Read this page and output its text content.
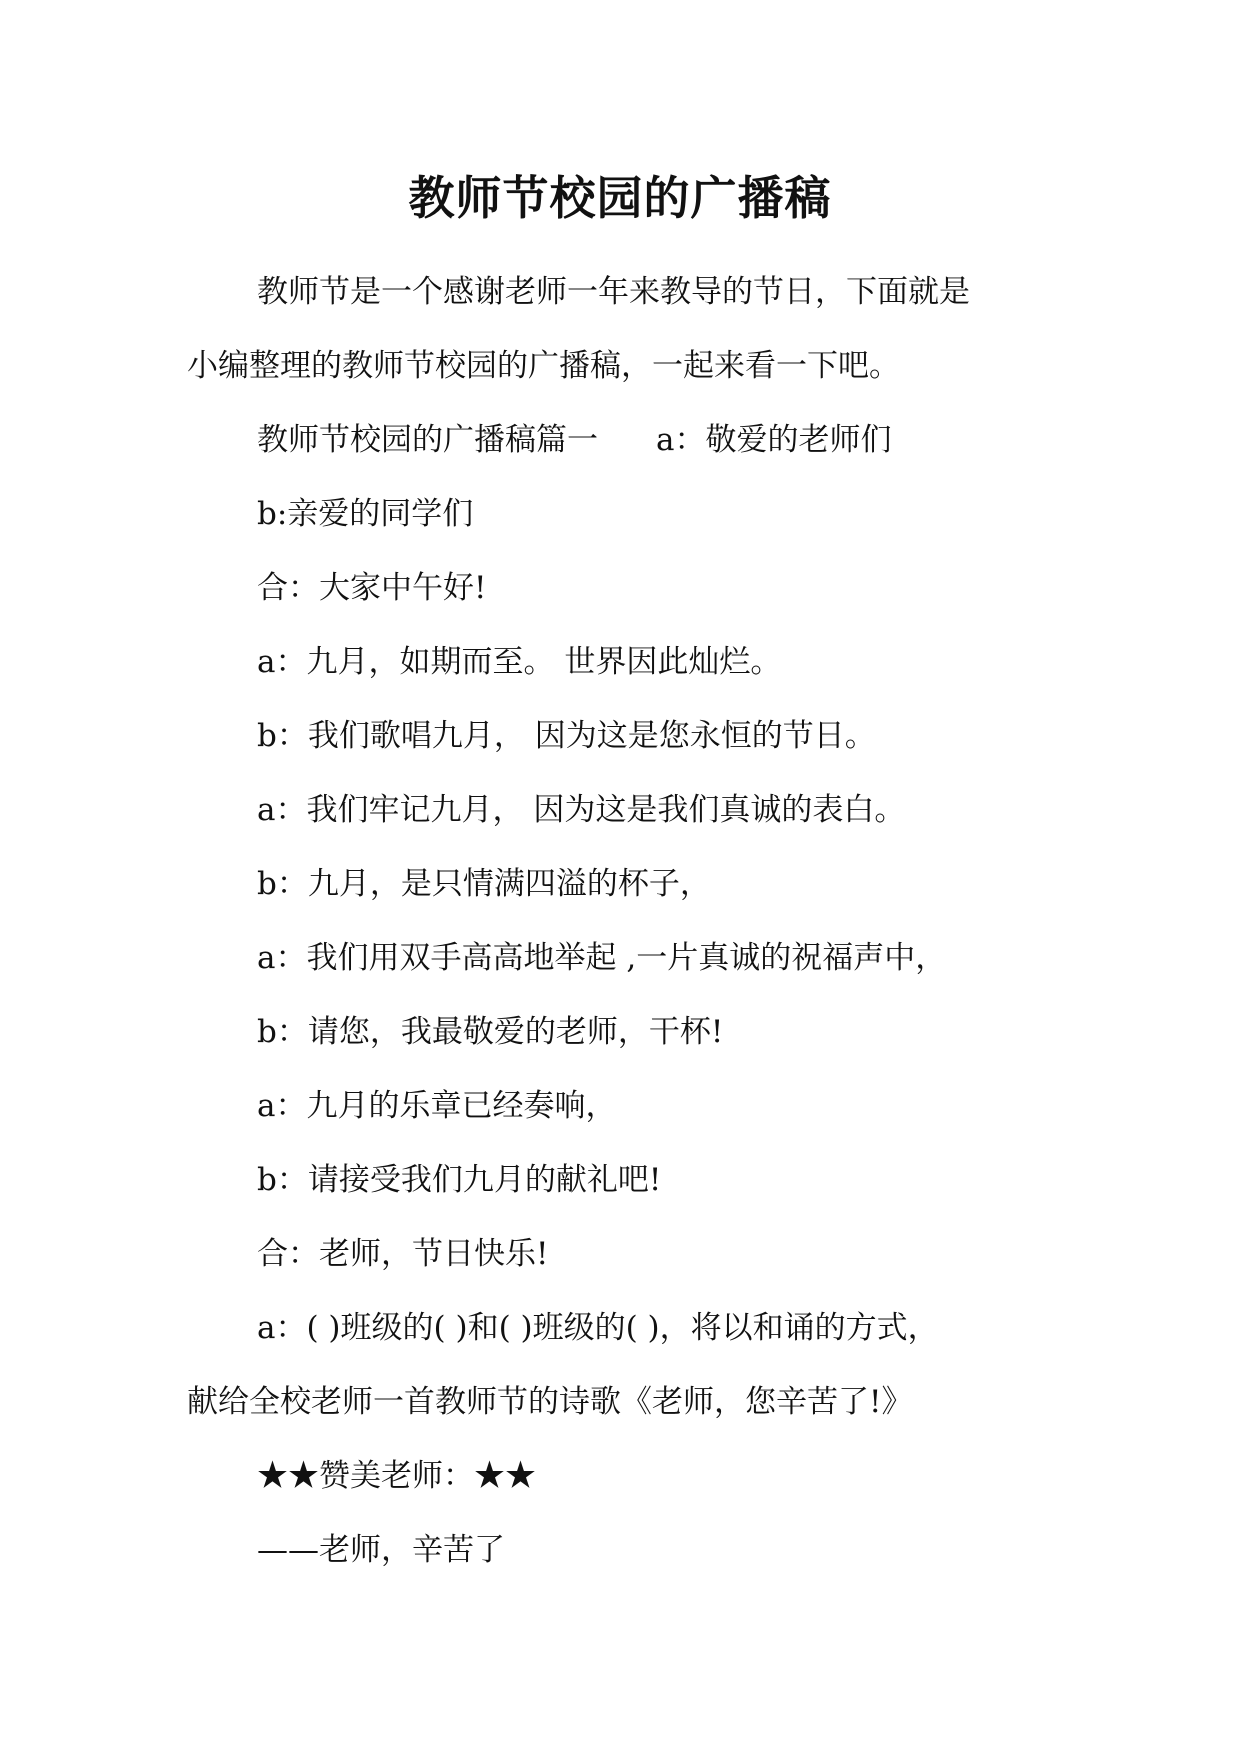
教师节校园的广播稿
教师节是一个感谢老师一年来教导的节日，下面就是
小编整理的教师节校园的广播稿，一起来看一下吧。
教师节校园的广播稿篇一 a：敬爱的老师们
b:亲爱的同学们
合：大家中午好!
a：九月，如期而至。 世界因此灿烂。
b：我们歌唱九月， 因为这是您永恒的节日。
a：我们牢记九月， 因为这是我们真诚的表白。
b：九月，是只情满四溢的杯子，
a：我们用双手高高地举起 ,一片真诚的祝福声中，
b：请您，我最敬爱的老师，干杯!
a：九月的乐章已经奏响，
b：请接受我们九月的献礼吧!
合：老师，节日快乐!
a：( )班级的( )和( )班级的( )，将以和诵的方式，
献给全校老师一首教师节的诗歌《老师，您辛苦了!》
★★赞美老师：★★
——老师，辛苦了
